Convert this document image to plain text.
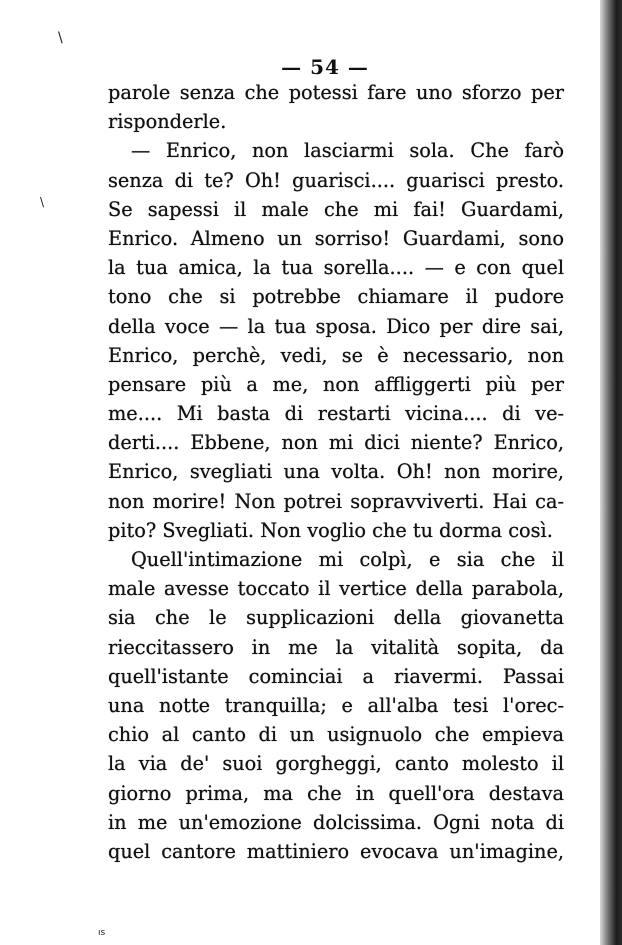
\
\
ıs
— 54 —
parole senza che potessi fare uno sforzo per
risponderle.
— Enrico, non lasciarmi sola. Che farò
senza di te? Oh! guarisci.... guarisci presto.
Se sapessi il male che mi fai! Guardami,
Enrico. Almeno un sorriso! Guardami, sono
la tua amica, la tua sorella.... — e con quel
tono che si potrebbe chiamare il pudore
della voce — la tua sposa. Dico per dire sai,
Enrico, perchè, vedi, se è necessario, non
pensare più a me, non affliggerti più per
me.... Mi basta di restarti vicina.... di ve-
derti.... Ebbene, non mi dici niente? Enrico,
Enrico, svegliati una volta. Oh! non morire,
non morire! Non potrei sopravviverti. Hai ca-
pito? Svegliati. Non voglio che tu dorma così.
Quell'intimazione mi colpì, e sia che il
male avesse toccato il vertice della parabola,
sia che le supplicazioni della giovanetta
rieccitassero in me la vitalità sopita, da
quell'istante cominciai a riavermi. Passai
una notte tranquilla; e all'alba tesi l'orec-
chio al canto di un usignuolo che empieva
la via de' suoi gorgheggi, canto molesto il
giorno prima, ma che in quell'ora destava
in me un'emozione dolcissima. Ogni nota di
quel cantore mattiniero evocava un'imagine,
